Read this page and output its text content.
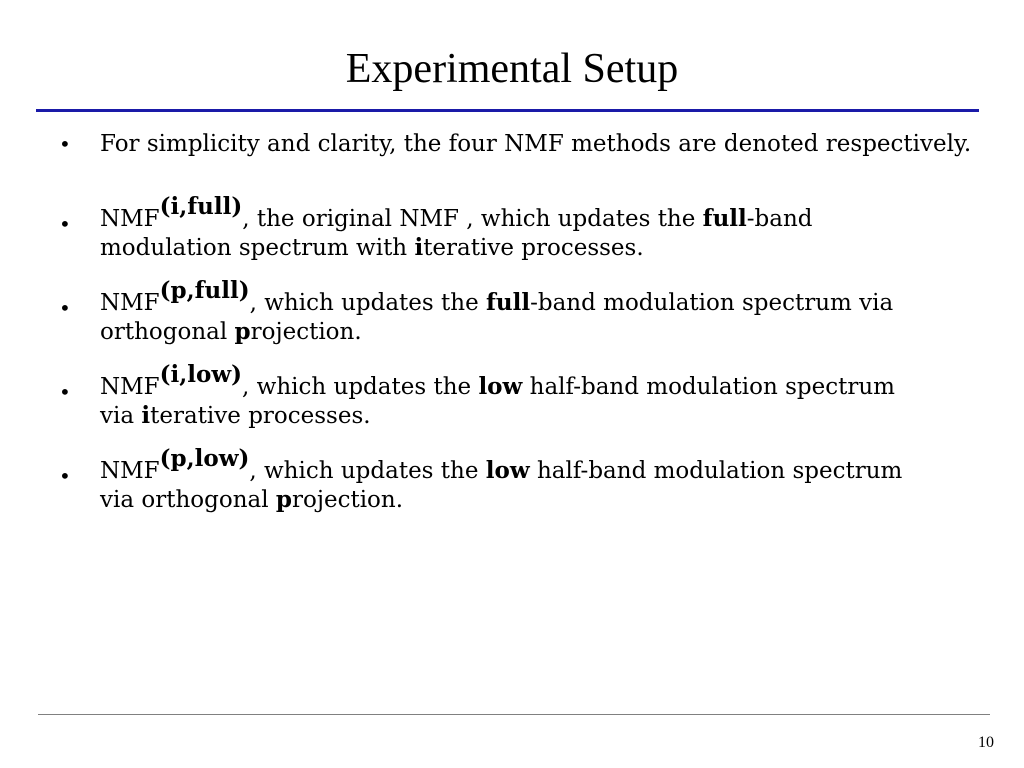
Experimental Setup
• For simplicity and clarity, the four NMF methods are denoted respectively.
• NMF(i,full), the original NMF , which updates the full-band
modulation spectrum with iterative processes.
• NMF(p,full), which updates the full-band modulation spectrum via
orthogonal projection.
• NMF(i,low), which updates the low half-band modulation spectrum
via iterative processes.
• NMF(p,low), which updates the low half-band modulation spectrum
via orthogonal projection.
10
